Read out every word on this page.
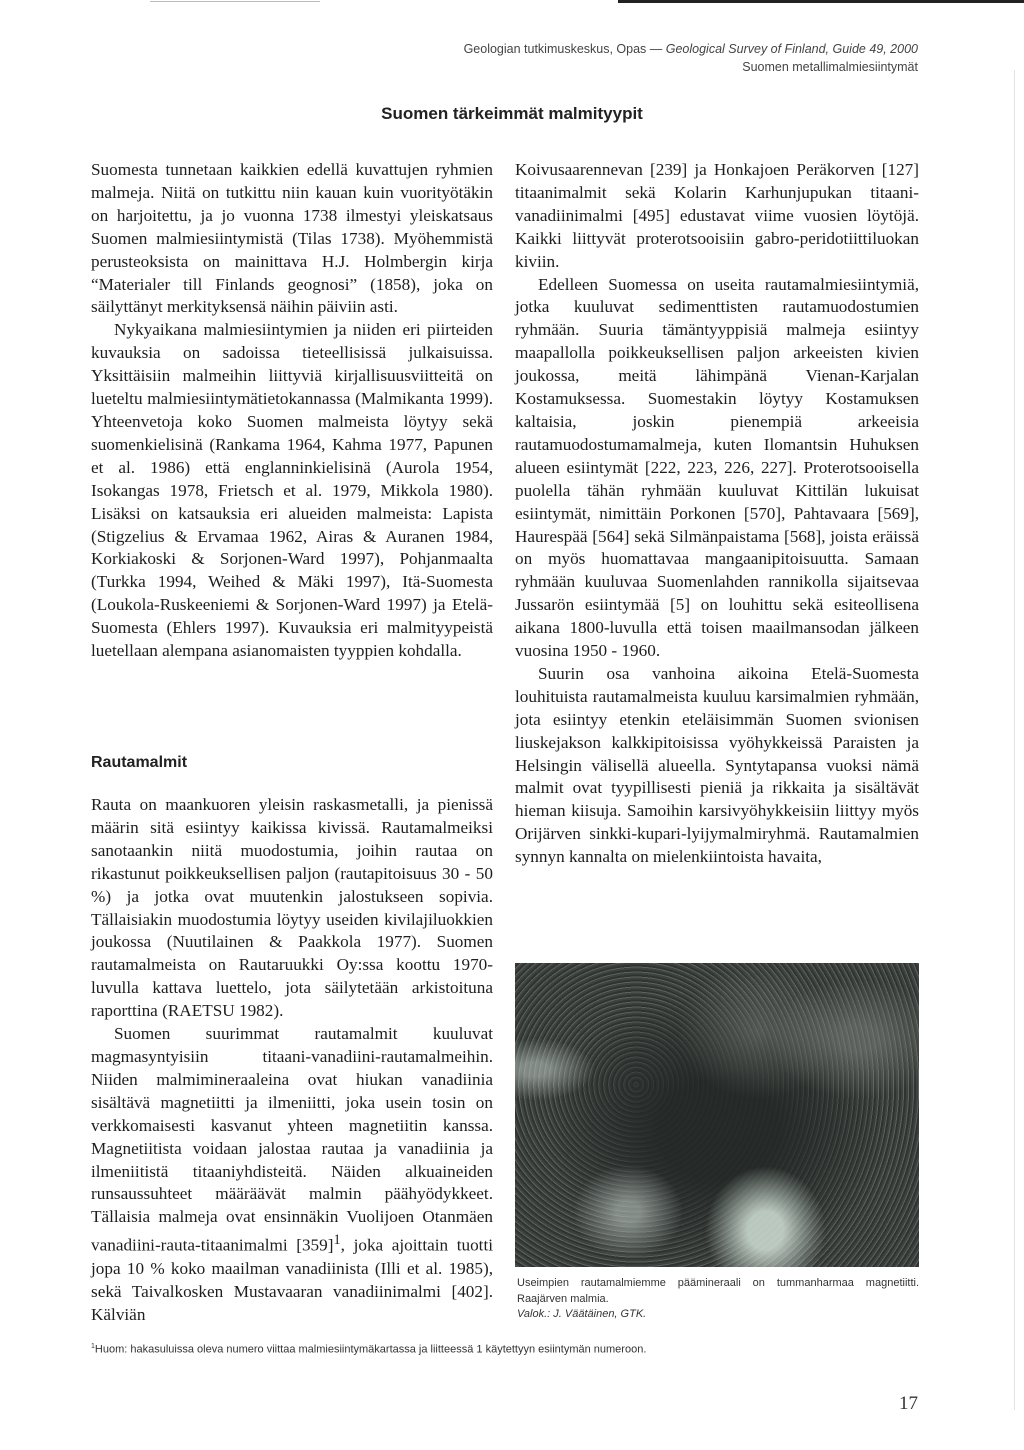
Geologian tutkimuskeskus, Opas — Geological Survey of Finland, Guide 49, 2000
Suomen metallimalmiesiintymät
Suomen tärkeimmät malmityypit

Suomesta tunnetaan kaikkien edellä kuvattujen ryhmien malmeja. Niitä on tutkittu niin kauan kuin vuorityötäkin on harjoitettu, ja jo vuonna 1738 ilmestyi yleiskatsaus Suomen malmiesiintymistä (Tilas 1738). Myöhemmistä perusteoksista on mainittava H.J. Holmbergin kirja “Materialer till Finlands geognosi” (1858), joka on säilyttänyt merkityksensä näihin päiviin asti.

Nykyaikana malmiesiintymien ja niiden eri piirteiden kuvauksia on sadoissa tieteellisissä julkaisuissa. Yksittäisiin malmeihin liittyviä kirjallisuusviitteitä on lueteltu malmiesiintymätietokannassa (Malmikanta 1999). Yhteenvetoja koko Suomen malmeista löytyy sekä suomenkielisinä (Rankama 1964, Kahma 1977, Papunen et al. 1986) että englanninkielisinä (Aurola 1954, Isokangas 1978, Frietsch et al. 1979, Mikkola 1980). Lisäksi on katsauksia eri alueiden malmeista: Lapista (Stigzelius & Ervamaa 1962, Airas & Auranen 1984, Korkiakoski & Sorjonen-Ward 1997), Pohjanmaalta (Turkka 1994, Weihed & Mäki 1997), Itä-Suomesta (Loukola-Ruskeeniemi & Sorjonen-Ward 1997) ja Etelä-Suomesta (Ehlers 1997). Kuvauksia eri malmityypeistä luetellaan alempana asianomaisten tyyppien kohdalla.

Rautamalmit

Rauta on maankuoren yleisin raskasmetalli, ja pienissä määrin sitä esiintyy kaikissa kivissä. Rautamalmeiksi sanotaankin niitä muodostumia, joihin rautaa on rikastunut poikkeuksellisen paljon (rautapitoisuus 30 - 50 %) ja jotka ovat muutenkin jalostukseen sopivia. Tällaisiakin muodostumia löytyy useiden kivilajiluokkien joukossa (Nuutilainen & Paakkola 1977). Suomen rautamalmeista on Rautaruukki Oy:ssa koottu 1970-luvulla kattava luettelo, jota säilytetään arkistoituna raporttina (RAETSU 1982).

Suomen suurimmat rautamalmit kuuluvat magmasyntyisiin titaani-vanadiini-rautamalmeihin. Niiden malmimineraaleina ovat hiukan vanadiinia sisältävä magnetiitti ja ilmeniitti, joka usein tosin on verkkomaisesti kasvanut yhteen magnetiitin kanssa. Magnetiitista voidaan jalostaa rautaa ja vanadiinia ja ilmeniitistä titaaniyhdisteitä. Näiden alkuaineiden runsaussuhteet määräävät malmin päähyödykkeet. Tällaisia malmeja ovat ensinnäkin Vuolijoen Otanmäen vanadiini-rauta-titaanimalmi $[359]^1$, joka ajoittain tuotti jopa 10 % koko maailman vanadiinista (Illi et al. 1985), sekä Taivalkosken Mustavaaran vanadiinimalmi [402]. Kälviän

Koivusaarennevan [239] ja Honkajoen Peräkorven [127] titaanimalmit sekä Kolarin Karhunjupukan titaani-vanadiinimalmi [495] edustavat viime vuosien löytöjä. Kaikki liittyvät proterotsooisiin gabro-peridotiittiluokan kiviin.

Edelleen Suomessa on useita rautamalmiesiintymiä, jotka kuuluvat sedimenttisten rautamuodostumien ryhmään. Suuria tämäntyyppisiä malmeja esiintyy maapallolla poikkeuksellisen paljon arkeeisten kivien joukossa, meitä lähimpänä Vienan-Karjalan Kostamuksessa. Suomestakin löytyy Kostamuksen kaltaisia, joskin pienempiä arkeeisia rautamuodostumamalmeja, kuten Ilomantsin Huhuksen alueen esiintymät [222, 223, 226, 227]. Proterotsooisella puolella tähän ryhmään kuuluvat Kittilän lukuisat esiintymät, nimittäin Porkonen [570], Pahtavaara [569], Haurespää [564] sekä Silmänpaistama [568], joista eräissä on myös huomattavaa mangaanipitoisuutta. Samaan ryhmään kuuluvaa Suomenlahden rannikolla sijaitsevaa Jussarön esiintymää [5] on louhittu sekä esiteollisena aikana 1800-luvulla että toisen maailmansodan jälkeen vuosina 1950 - 1960.

Suurin osa vanhoina aikoina Etelä-Suomesta louhituista rautamalmeista kuuluu karsimalmien ryhmään, jota esiintyy etenkin eteläisimmän Suomen svionisen liuskejakson kalkkipitoisissa vyöhykkeissä Paraisten ja Helsingin välisellä alueella. Syntytapansa vuoksi nämä malmit ovat tyypillisesti pieniä ja rikkaita ja sisältävät hieman kiisuja. Samoihin karsivyöhykkeisiin liittyy myös Orijärven sinkki-kupari-lyijymalmiryhmä. Rautamalmien synnyn kannalta on mielenkiintoista havaita,

Useimpien rautamalmiemme päämineraali on tummanharmaa magnetiitti. Raajärven malmia.
Valok.: J. Väätäinen, GTK.
$^1$Huom: hakasuluissa oleva numero viittaa malmiesiintymäkartassa ja liitteessä 1 käytettyyn esiintymän numeroon.
17
